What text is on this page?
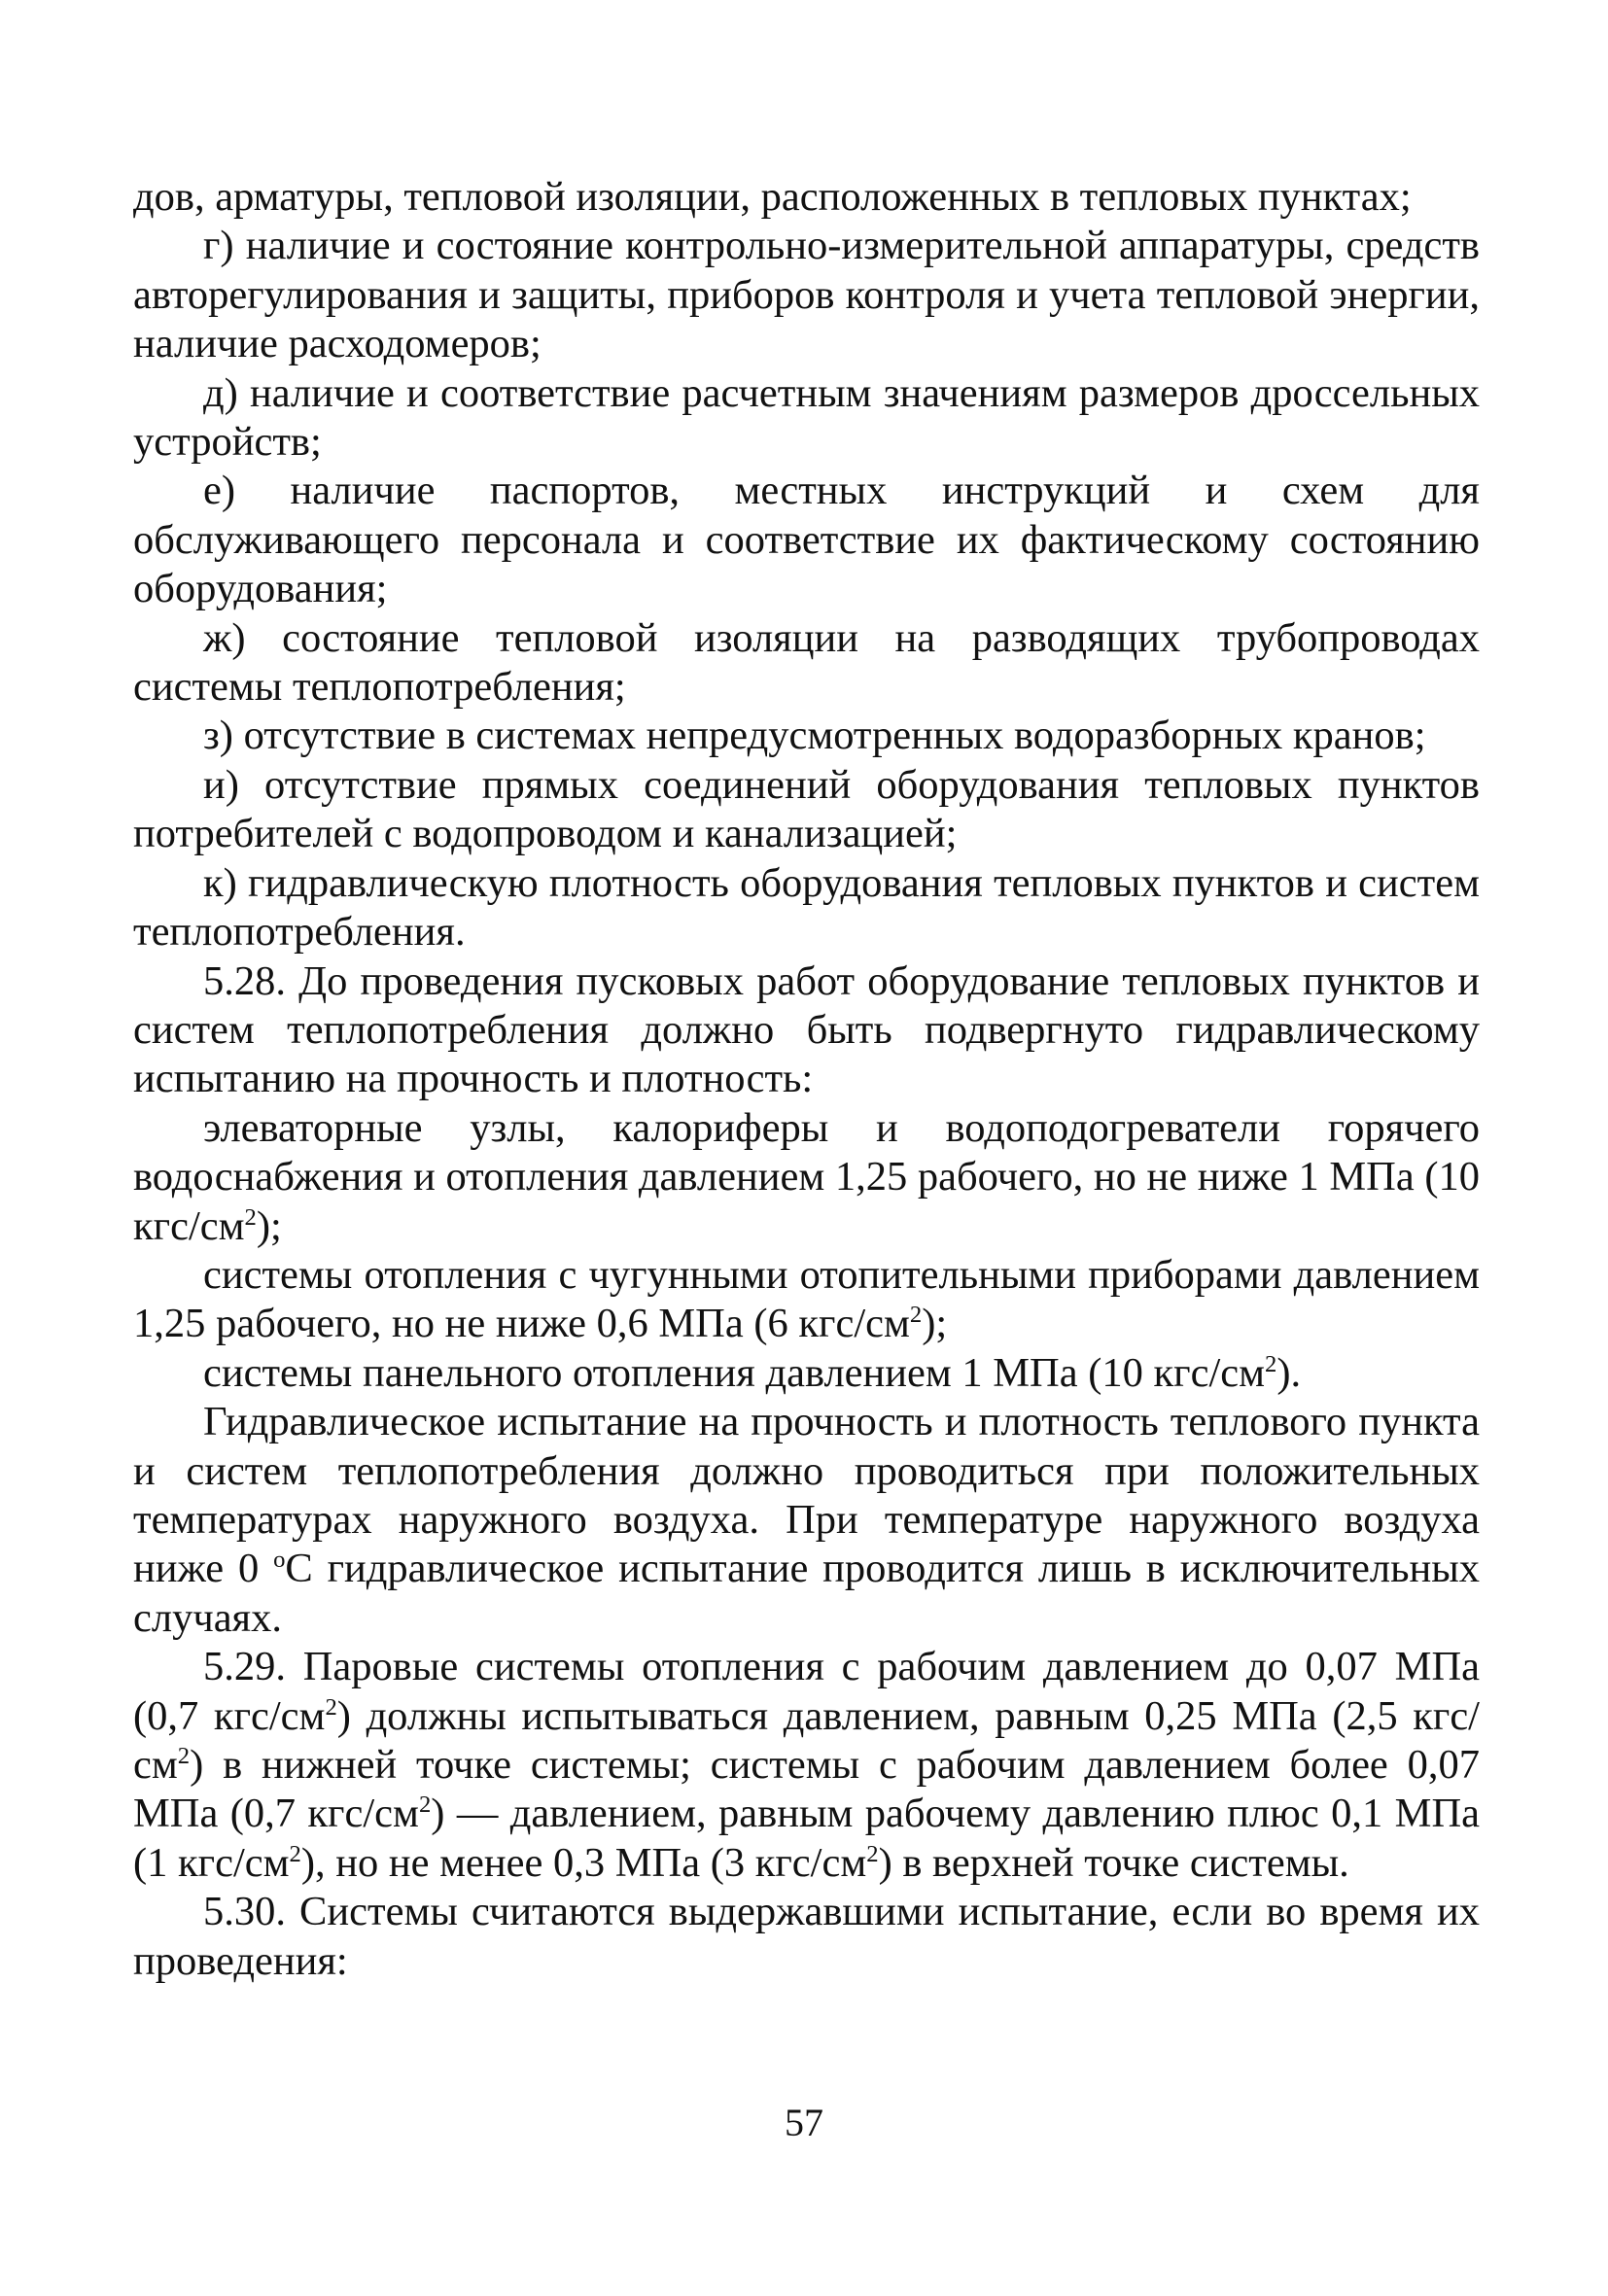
дов, арматуры, тепловой изоляции, расположенных в тепловых пунктах;

г) наличие и состояние контрольно-измерительной аппаратуры, средств авторегулирования и защиты, приборов контроля и учета тепловой энергии, наличие расходомеров;

д) наличие и соответствие расчетным значениям размеров дроссельных устройств;

е) наличие паспортов, местных инструкций и схем для обслуживающего персонала и соответствие их фактическому состоянию оборудования;

ж) состояние тепловой изоляции на разводящих трубопроводах системы теплопотребления;

з) отсутствие в системах непредусмотренных водоразборных кранов;

и) отсутствие прямых соединений оборудования тепловых пунктов потребителей с водопроводом и канализацией;

к) гидравлическую плотность оборудования тепловых пунктов и систем теплопотребления.

5.28. До проведения пусковых работ оборудование тепловых пунктов и систем теплопотребления должно быть подвергнуто гидравлическому испытанию на прочность и плотность:

элеваторные узлы, калориферы и водоподогреватели горячего водоснабжения и отопления давлением 1,25 рабочего, но не ниже 1 МПа (10 кгс/$см^2$);

системы отопления с чугунными отопительными приборами давлением 1,25 рабочего, но не ниже 0,6 МПа (6 кгс/$см^2$);

системы панельного отопления давлением 1 МПа (10 кгс/$см^2$).

Гидравлическое испытание на прочность и плотность теплового пункта и систем теплопотребления должно проводиться при положительных температурах наружного воздуха. При температуре наружного воздуха ниже 0 $^о$С гидравлическое испытание проводится лишь в исключительных случаях.

5.29. Паровые системы отопления с рабочим давлением до 0,07 МПа (0,7 кгс/$см^2$) должны испытываться давлением, равным 0,25 МПа (2,5 кгс/$см^2$) в нижней точке системы; системы с рабочим давлением более 0,07 МПа (0,7 кгс/$см^2$) — давлением, равным рабочему давлению плюс 0,1 МПа (1 кгс/$см^2$), но не менее 0,3 МПа (3 кгс/$см^2$) в верхней точке системы.

5.30. Системы считаются выдержавшими испытание, если во время их проведения:

57
